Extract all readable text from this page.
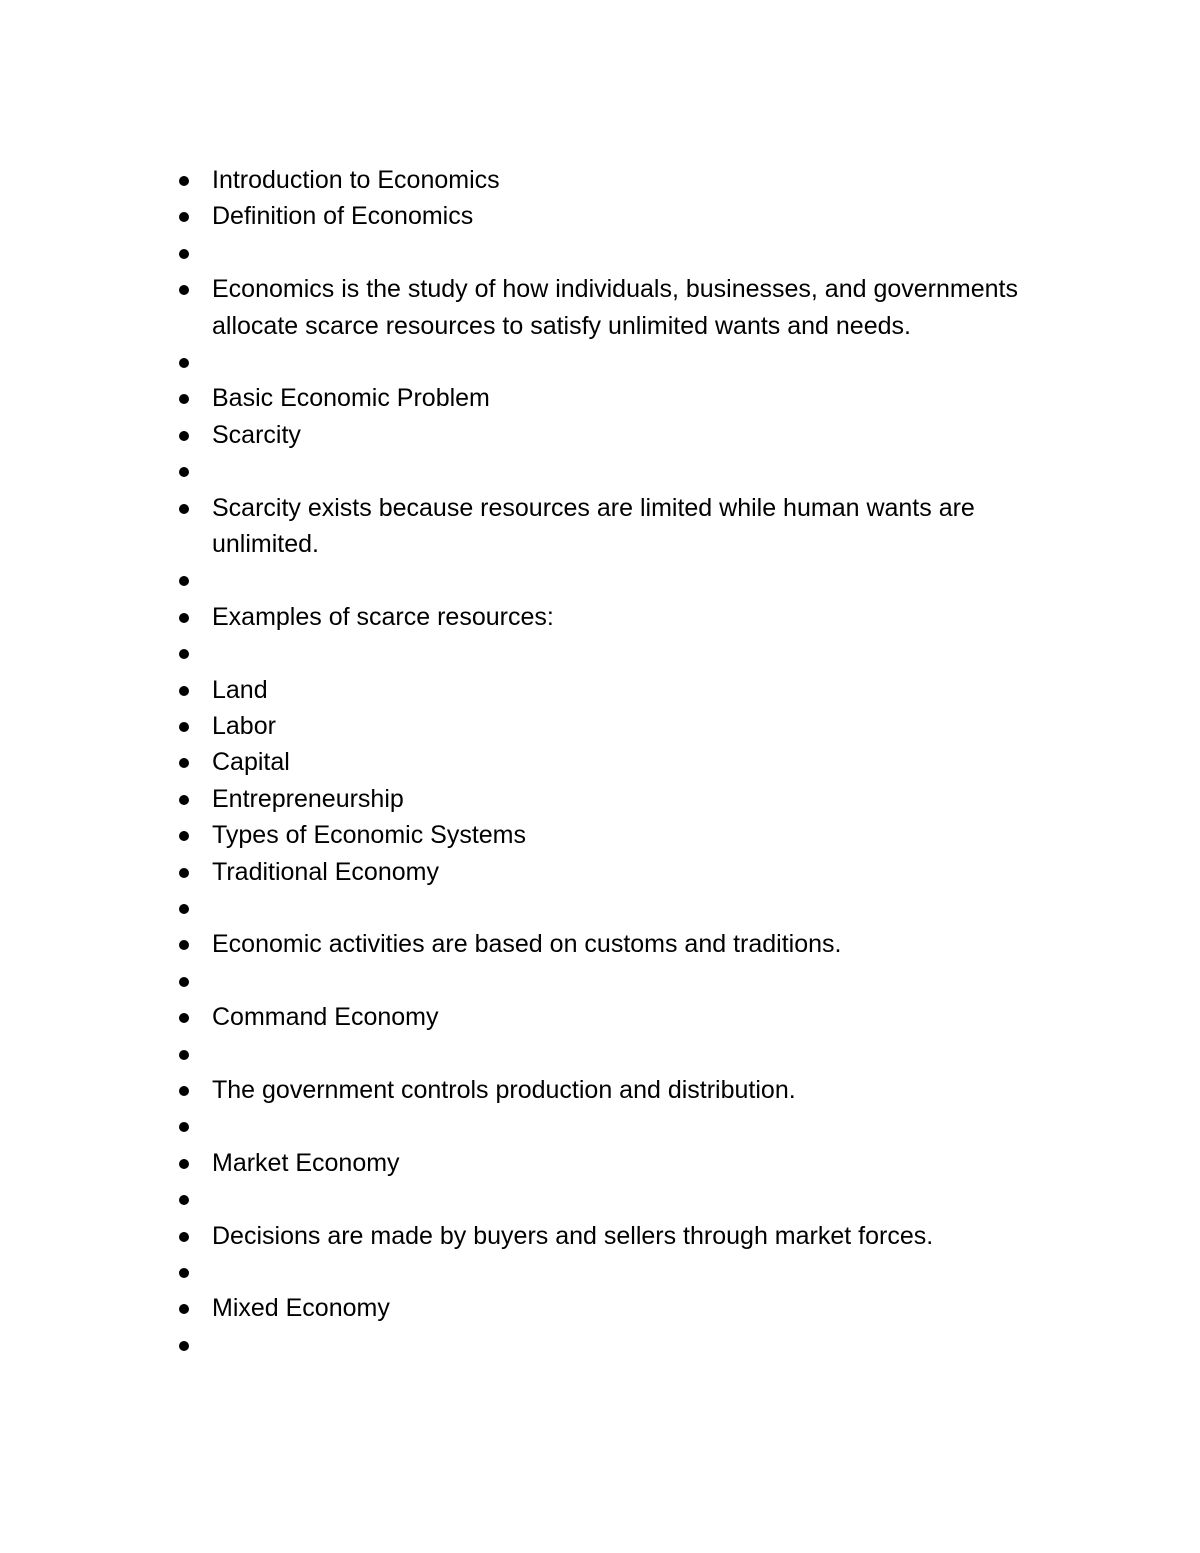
Introduction to Economics
Definition of Economics
Economics is the study of how individuals, businesses, and governments allocate scarce resources to satisfy unlimited wants and needs.
Basic Economic Problem
Scarcity
Scarcity exists because resources are limited while human wants are unlimited.
Examples of scarce resources:
Land
Labor
Capital
Entrepreneurship
Types of Economic Systems
Traditional Economy
Economic activities are based on customs and traditions.
Command Economy
The government controls production and distribution.
Market Economy
Decisions are made by buyers and sellers through market forces.
Mixed Economy
